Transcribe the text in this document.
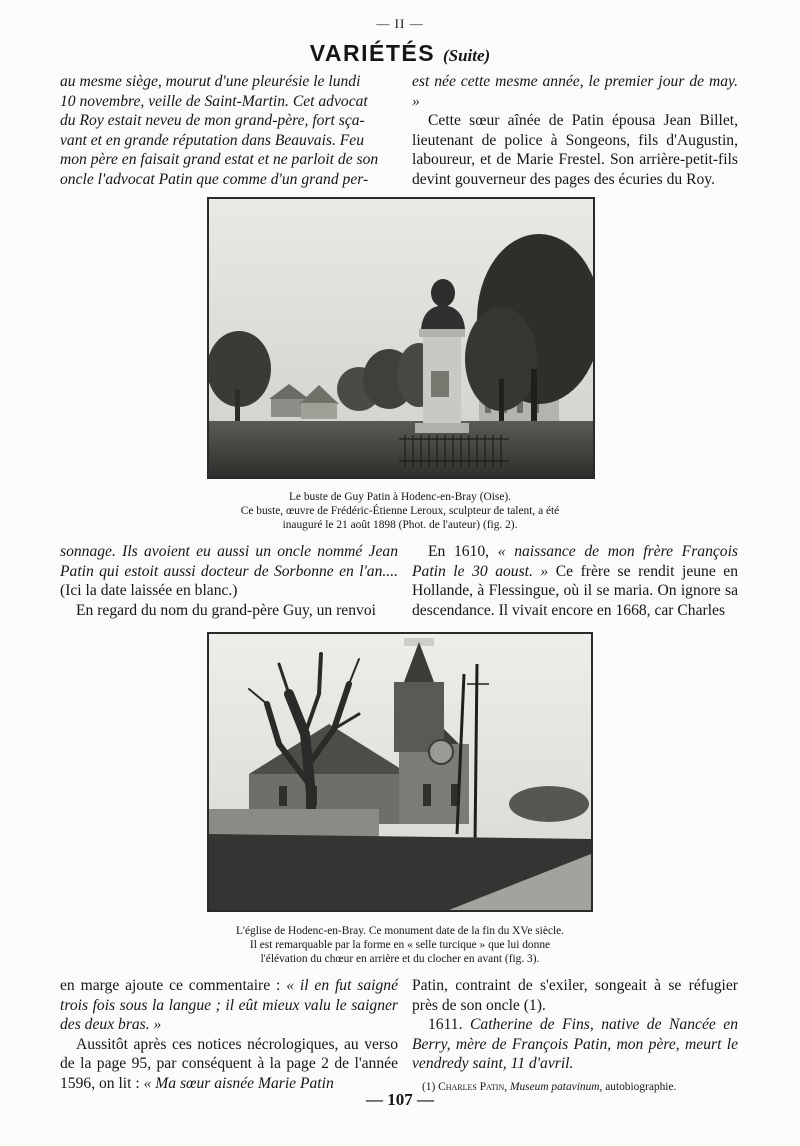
— II —
VARIÉTÉS (Suite)
au mesme siège, mourut d'une pleurésie le lundi
10 novembre, veille de Saint-Martin. Cet advocat
du Roy estait neveu de mon grand-père, fort sça-
vant et en grande réputation dans Beauvais. Feu
mon père en faisait grand estat et ne parloit de son
oncle l'advocat Patin que comme d'un grand per-

est née cette mesme année, le premier jour de may. »

Cette sœur aînée de Patin épousa Jean Billet, lieutenant de police à Songeons, fils d'Augustin, laboureur, et de Marie Frestel. Son arrière-petit-fils devint gouverneur des pages des écuries du Roy.

Le buste de Guy Patin à Hodenc-en-Bray (Oise).
Ce buste, œuvre de Frédéric-Étienne Leroux, sculpteur de talent, a été
inauguré le 21 août 1898 (Phot. de l'auteur) (fig. 2).

sonnage. Ils avoient eu aussi un oncle nommé Jean Patin qui estoit aussi docteur de Sorbonne en l'an.... (Ici la date laissée en blanc.)

En regard du nom du grand-père Guy, un renvoi

En 1610, « naissance de mon frère François Patin le 30 aoust. » Ce frère se rendit jeune en Hollande, à Flessingue, où il se maria. On ignore sa descendance. Il vivait encore en 1668, car Charles

L'église de Hodenc-en-Bray. Ce monument date de la fin du XVe siècle.
Il est remarquable par la forme en « selle turcique » que lui donne
l'élévation du chœur en arrière et du clocher en avant (fig. 3).

en marge ajoute ce commentaire : « il en fut saigné trois fois sous la langue ; il eût mieux valu le saigner des deux bras. »

Aussitôt après ces notices nécrologiques, au verso de la page 95, par conséquent à la page 2 de l'année 1596, on lit : « Ma sœur aisnée Marie Patin

Patin, contraint de s'exiler, songeait à se réfugier près de son oncle (1).

1611. Catherine de Fins, native de Nancée en Berry, mère de François Patin, mon père, meurt le vendredy saint, 11 d'avril.

(1) Charles Patin, Museum patavinum, autobiographie.
— 107 —
